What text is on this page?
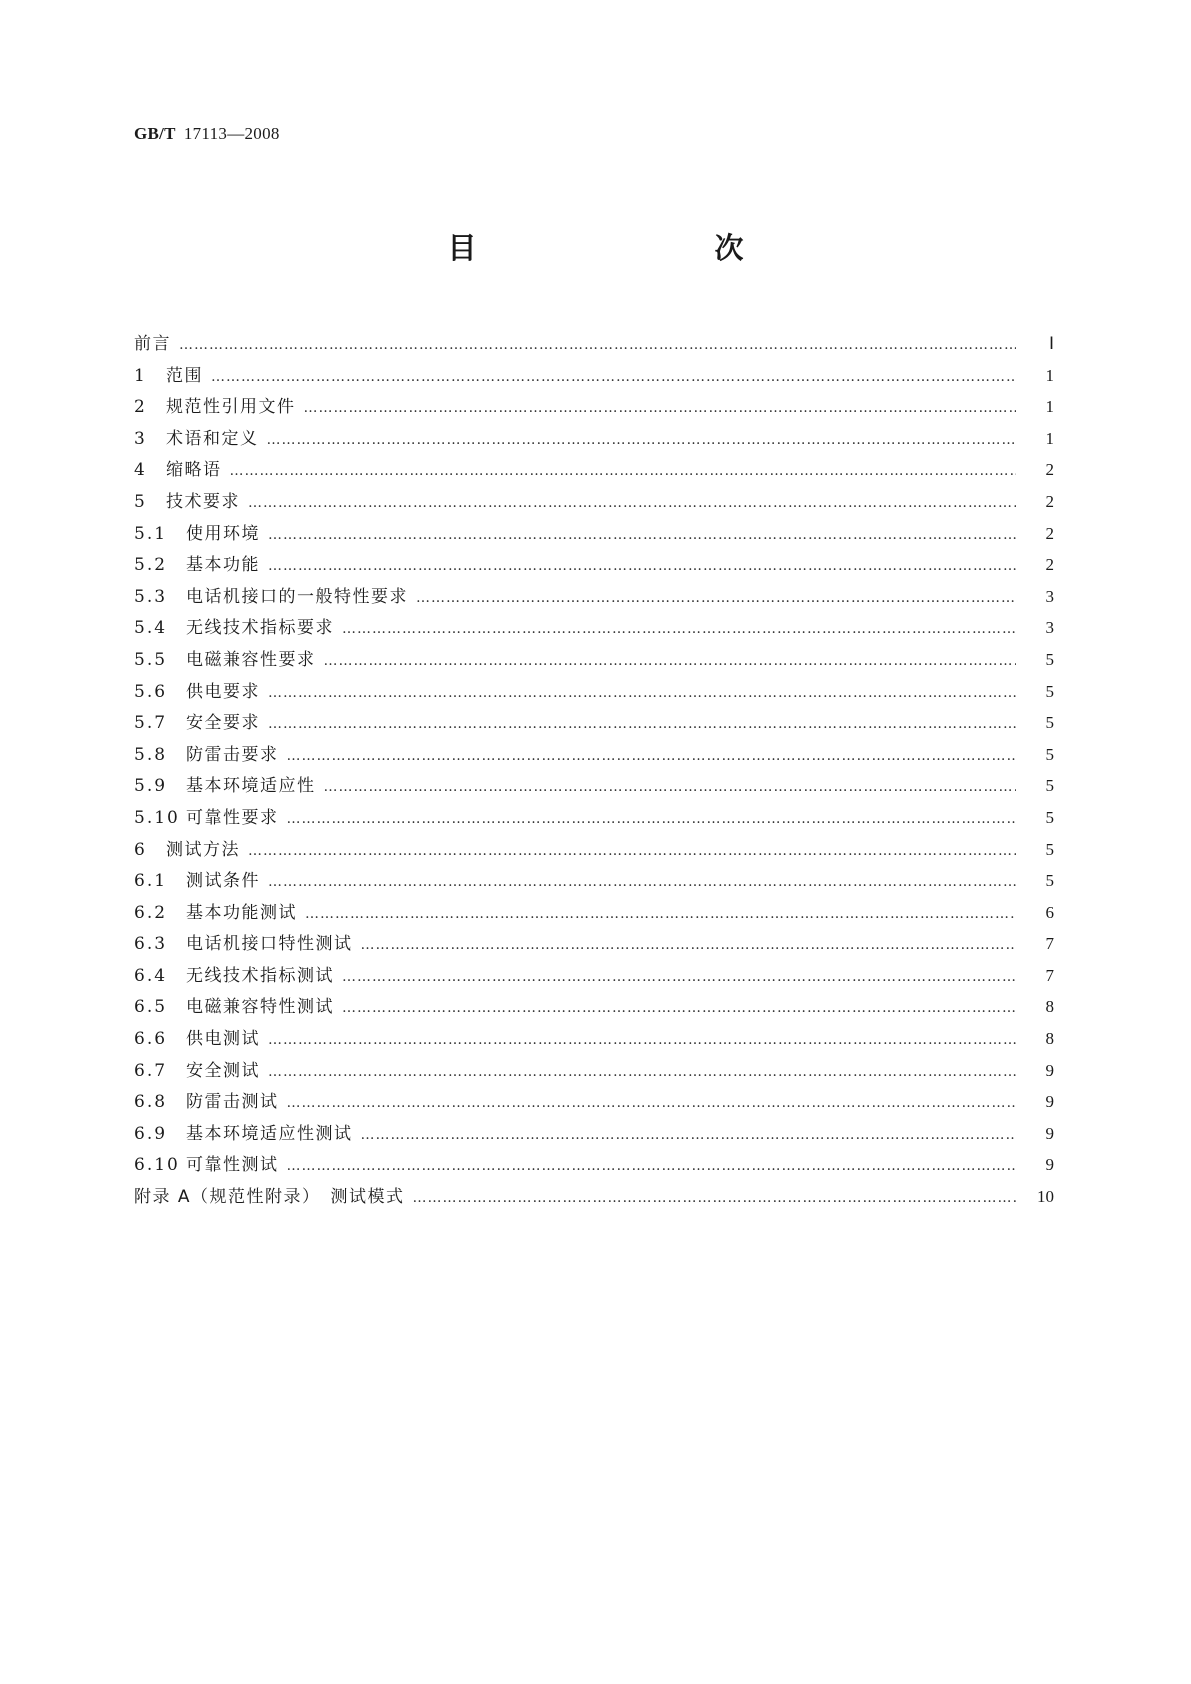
GB/T 17113—2008
目　　次
前言 ………………………………………………………………………………………………………………………………………………………………………………………………	Ⅰ
1	范围 ………………………………………………………………………………………………………………………………………………………………………………………………	1
2	规范性引用文件 ………………………………………………………………………………………………………………………………………………………………………………………………	1
3	术语和定义 ………………………………………………………………………………………………………………………………………………………………………………………………	1
4	缩略语 ………………………………………………………………………………………………………………………………………………………………………………………………	2
5	技术要求 ………………………………………………………………………………………………………………………………………………………………………………………………	2
5.1	使用环境 ………………………………………………………………………………………………………………………………………………………………………………………………	2
5.2	基本功能 ………………………………………………………………………………………………………………………………………………………………………………………………	2
5.3	电话机接口的一般特性要求 ………………………………………………………………………………………………………………………………………………………………………………………………	3
5.4	无线技术指标要求 ………………………………………………………………………………………………………………………………………………………………………………………………	3
5.5	电磁兼容性要求 ………………………………………………………………………………………………………………………………………………………………………………………………	5
5.6	供电要求 ………………………………………………………………………………………………………………………………………………………………………………………………	5
5.7	安全要求 ………………………………………………………………………………………………………………………………………………………………………………………………	5
5.8	防雷击要求 ………………………………………………………………………………………………………………………………………………………………………………………………	5
5.9	基本环境适应性 ………………………………………………………………………………………………………………………………………………………………………………………………	5
5.10 可靠性要求 ………………………………………………………………………………………………………………………………………………………………………………………………	5
6	测试方法 ………………………………………………………………………………………………………………………………………………………………………………………………	5
6.1	测试条件 ………………………………………………………………………………………………………………………………………………………………………………………………	5
6.2	基本功能测试 ………………………………………………………………………………………………………………………………………………………………………………………………	6
6.3	电话机接口特性测试 ………………………………………………………………………………………………………………………………………………………………………………………………	7
6.4	无线技术指标测试 ………………………………………………………………………………………………………………………………………………………………………………………………	7
6.5	电磁兼容特性测试 ………………………………………………………………………………………………………………………………………………………………………………………………	8
6.6	供电测试 ………………………………………………………………………………………………………………………………………………………………………………………………	8
6.7	安全测试 ………………………………………………………………………………………………………………………………………………………………………………………………	9
6.8	防雷击测试 ………………………………………………………………………………………………………………………………………………………………………………………………	9
6.9	基本环境适应性测试 ………………………………………………………………………………………………………………………………………………………………………………………………	9
6.10 可靠性测试 ………………………………………………………………………………………………………………………………………………………………………………………………	9
附录 A（规范性附录）　测试模式 ………………………………………………………………………………………………………………………………………………………………………………………………	10
